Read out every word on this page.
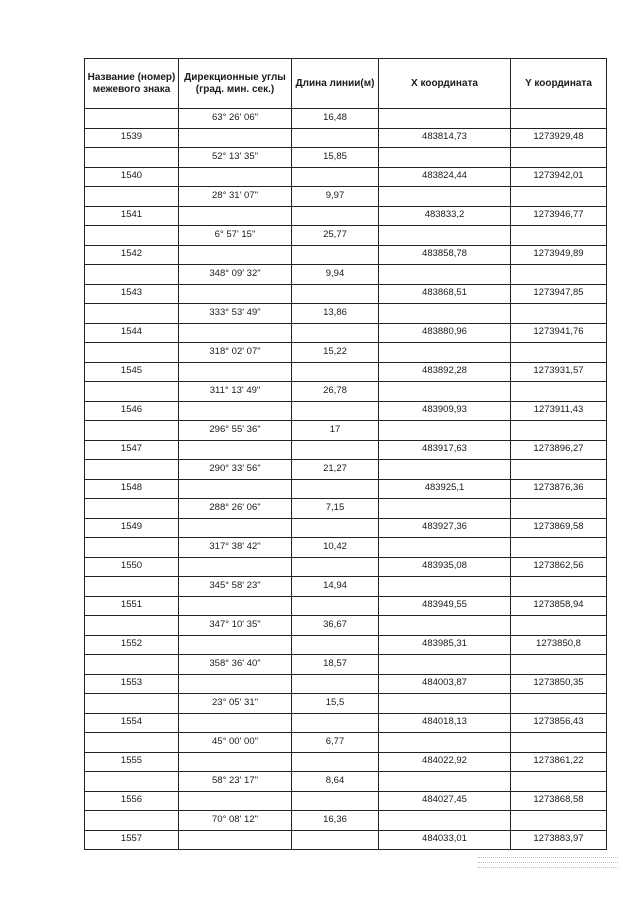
Название (номер) межевого знака	Дирекционные углы (град. мин. сек.)	Длина линии(м)	X координата	Y координата
	63° 26' 06"	16,48		
1539			483814,73	1273929,48
	52° 13' 35"	15,85		
1540			483824,44	1273942,01
	28° 31' 07"	9,97		
1541			483833,2	1273946,77
	6° 57' 15"	25,77		
1542			483858,78	1273949,89
	348° 09' 32"	9,94		
1543			483868,51	1273947,85
	333° 53' 49"	13,86		
1544			483880,96	1273941,76
	318° 02' 07"	15,22		
1545			483892,28	1273931,57
	311° 13' 49"	26,78		
1546			483909,93	1273911,43
	296° 55' 36"	17		
1547			483917,63	1273896,27
	290° 33' 56"	21,27		
1548			483925,1	1273876,36
	288° 26' 06"	7,15		
1549			483927,36	1273869,58
	317° 38' 42"	10,42		
1550			483935,08	1273862,56
	345° 58' 23"	14,94		
1551			483949,55	1273858,94
	347° 10' 35"	36,67		
1552			483985,31	1273850,8
	358° 36' 40"	18,57		
1553			484003,87	1273850,35
	23° 05' 31"	15,5		
1554			484018,13	1273856,43
	45° 00' 00"	6,77		
1555			484022,92	1273861,22
	58° 23' 17"	8,64		
1556			484027,45	1273868,58
	70° 08' 12"	16,36		
1557			484033,01	1273883,97
